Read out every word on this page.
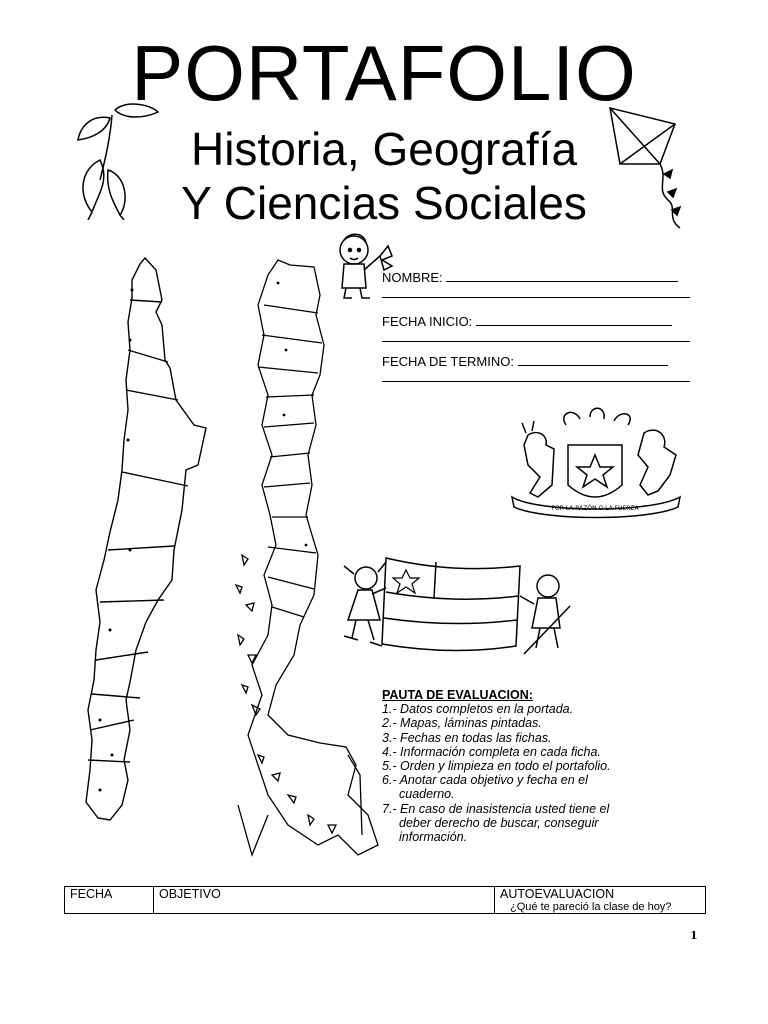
PORTAFOLIO
Historia, Geografía
Y Ciencias Sociales
NOMBRE:
FECHA INICIO:
FECHA DE TERMINO:
POR LA RAZÓN O LA FUERZA
PAUTA DE EVALUACION:
1.- Datos completos en la portada.
2.- Mapas, láminas pintadas.
3.- Fechas en todas las fichas.
4.- Información completa en cada ficha.
5.- Orden y limpieza en todo el portafolio.
6.- Anotar cada objetivo y fecha en el
cuaderno.
7.- En caso de inasistencia usted tiene el
deber derecho de buscar, conseguir
información.
FECHA	OBJETIVO	AUTOEVALUACION
¿Qué te pareció la clase de hoy?
1
